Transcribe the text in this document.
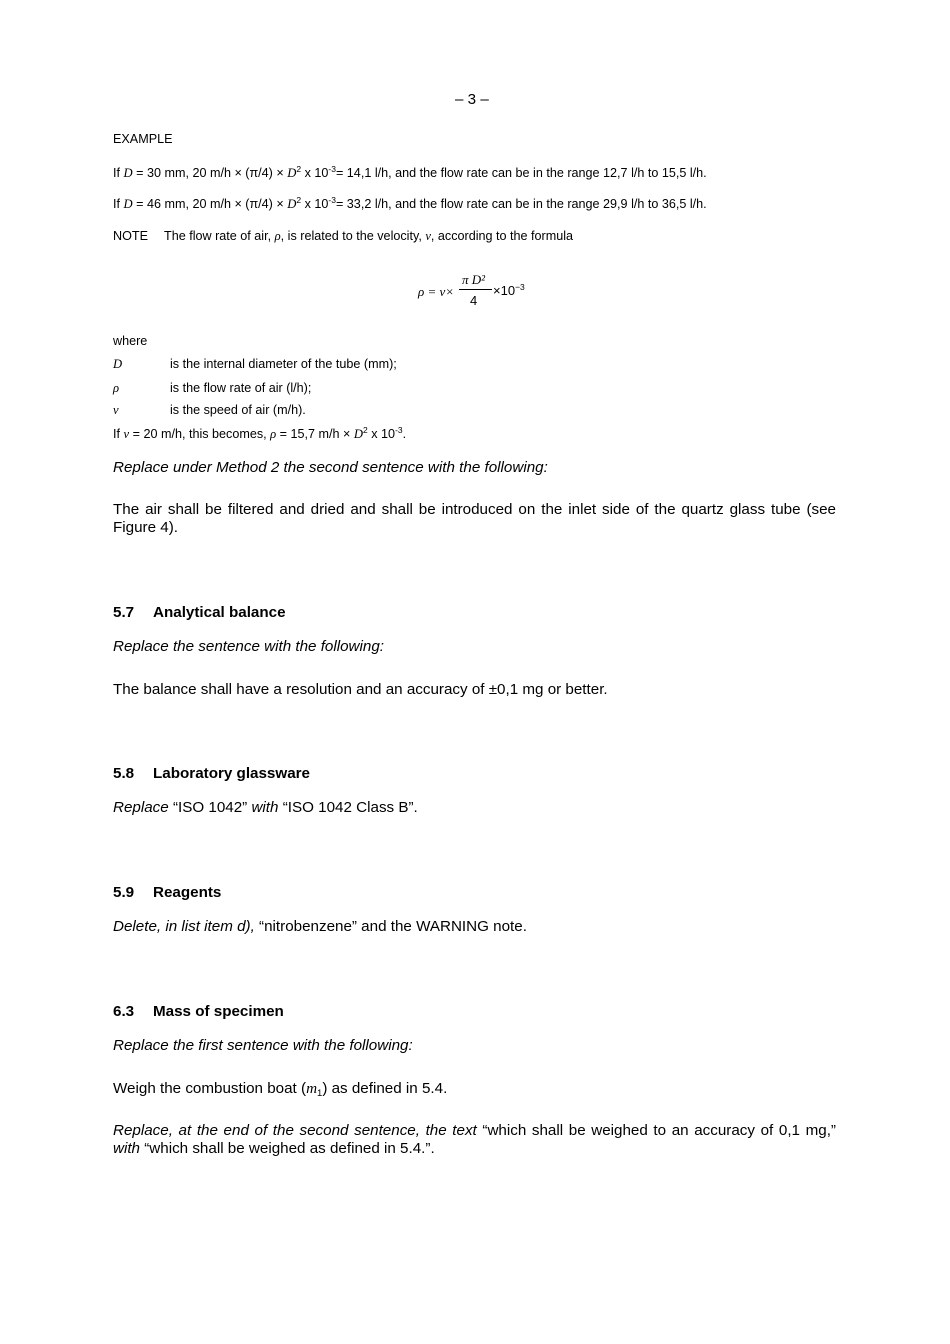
– 3 –
EXAMPLE
If D = 30 mm, 20 $m/h \times (\pi/4) \times D^2$ x $10^{-3}= 14,1$ l/h, and the flow rate can be in the range 12,7 l/h to 15,5 l/h.
If D = 46 mm, 20 $m/h \times (\pi/4) \times D^2$ x $10^{-3}= 33,2$ l/h, and the flow rate can be in the range 29,9 l/h to 36,5 l/h.
NOTE The flow rate of air, ρ, is related to the velocity, v, according to the formula
ρ = v×
π D²
4
$\times 10^{-3}$
where
D	is the internal diameter of the tube (mm);
ρ	is the flow rate of air (l/h);
v	is the speed of air (m/h).
If v = 20 m/h, this becomes, ρ = 15,7 $m/h \times D^2$ x $10^{-3}$.
Replace under Method 2 the second sentence with the following:
The air shall be filtered and dried and shall be introduced on the inlet side of the quartz glass tube (see Figure 4).
5.7 Analytical balance
Replace the sentence with the following:
The balance shall have a resolution and an accuracy of ±0,1 mg or better.
5.8 Laboratory glassware
Replace “ISO 1042” with “ISO 1042 Class B”.
5.9 Reagents
Delete, in list item d), “nitrobenzene” and the WARNING note.
6.3 Mass of specimen
Replace the first sentence with the following:
Weigh the combustion boat $(m_1)$ as defined in 5.4.
Replace, at the end of the second sentence, the text “which shall be weighed to an accuracy of 0,1 mg,” with “which shall be weighed as defined in 5.4.”.
